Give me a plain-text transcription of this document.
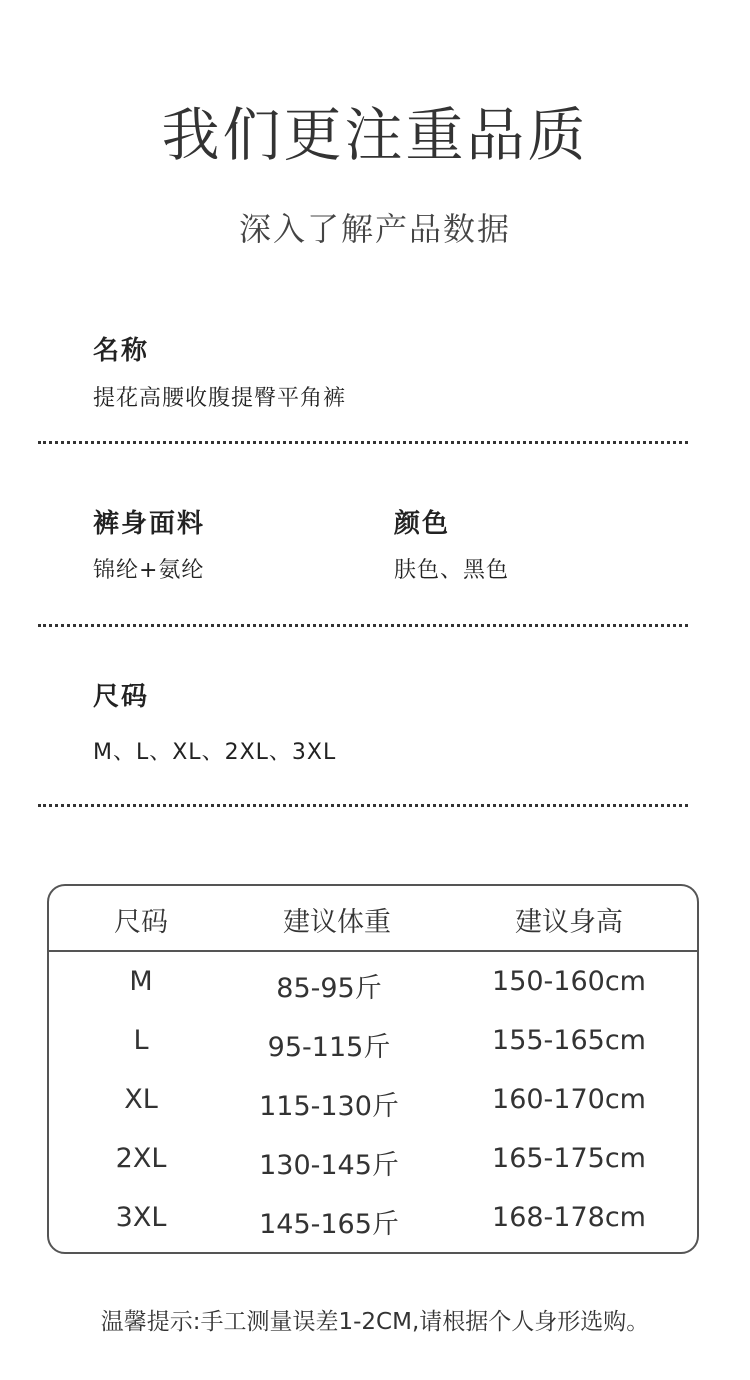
我们更注重品质
深入了解产品数据
名称
提花高腰收腹提臀平角裤
裤身面料
锦纶+氨纶
颜色
肤色、黑色
尺码
M、L、XL、2XL、3XL
尺码	建议体重	建议身高
M	85-95斤	150-160cm
L	95-115斤	155-165cm
XL	115-130斤	160-170cm
2XL	130-145斤	165-175cm
3XL	145-165斤	168-178cm
温馨提示:手工测量误差1-2CM,请根据个人身形选购。
